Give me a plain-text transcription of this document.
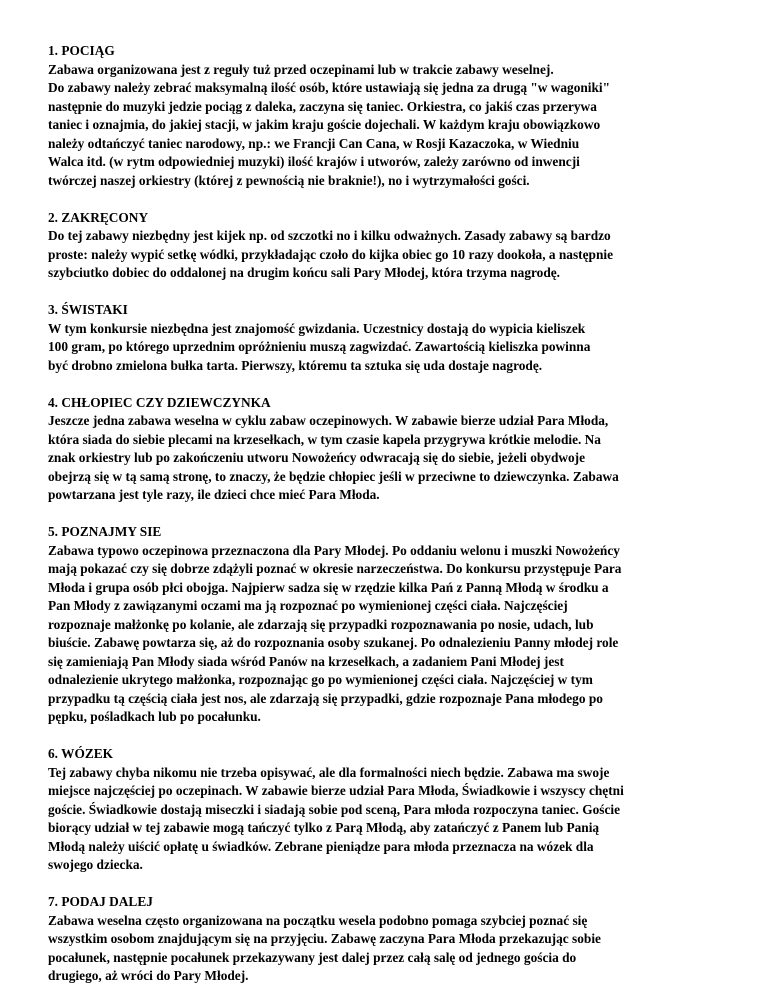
1. POCIĄG
Zabawa organizowana jest z reguły tuż przed oczepinami lub w trakcie zabawy weselnej.
Do zabawy należy zebrać maksymalną ilość osób, które ustawiają się jedna za drugą "w wagoniki"
następnie do muzyki jedzie pociąg z daleka, zaczyna się taniec. Orkiestra, co jakiś czas przerywa
taniec i oznajmia, do jakiej stacji, w jakim kraju goście dojechali. W każdym kraju obowiązkowo
należy odtańczyć taniec narodowy, np.: we Francji Can Cana, w Rosji Kazaczoka, w Wiedniu
Walca itd. (w rytm odpowiedniej muzyki) ilość krajów i utworów, zależy zarówno od inwencji
twórczej naszej orkiestry (której z pewnością nie braknie!), no i wytrzymałości gości.
2. ZAKRĘCONY
Do tej zabawy niezbędny jest kijek np. od szczotki no i kilku odważnych. Zasady zabawy są bardzo
proste: należy wypić setkę wódki, przykładając czoło do kijka obiec go 10 razy dookoła, a następnie
szybciutko dobiec do oddalonej na drugim końcu sali Pary Młodej, która trzyma nagrodę.
3. ŚWISTAKI
W tym konkursie niezbędna jest znajomość gwizdania. Uczestnicy dostają do wypicia kieliszek
100 gram, po którego uprzednim opróżnieniu muszą zagwizdać. Zawartością kieliszka powinna
być drobno zmielona bułka tarta. Pierwszy, któremu ta sztuka się uda dostaje nagrodę.
4. CHŁOPIEC CZY DZIEWCZYNKA
Jeszcze jedna zabawa weselna w cyklu zabaw oczepinowych. W zabawie bierze udział Para Młoda,
która siada do siebie plecami na krzesełkach, w tym czasie kapela przygrywa krótkie melodie. Na
znak orkiestry lub po zakończeniu utworu Nowożeńcy odwracają się do siebie, jeżeli obydwoje
obejrzą się w tą samą stronę, to znaczy, że będzie chłopiec jeśli w przeciwne to dziewczynka. Zabawa
powtarzana jest tyle razy, ile dzieci chce mieć Para Młoda.
5. POZNAJMY SIE
Zabawa typowo oczepinowa przeznaczona dla Pary Młodej. Po oddaniu welonu i muszki Nowożeńcy
mają pokazać czy się dobrze zdążyli poznać w okresie narzeczeństwa. Do konkursu przystępuje Para
Młoda i grupa osób płci obojga. Najpierw sadza się w rzędzie kilka Pań z Panną Młodą w środku a
Pan Młody z zawiązanymi oczami ma ją rozpoznać po wymienionej części ciała. Najczęściej
rozpoznaje małżonkę po kolanie, ale zdarzają się przypadki rozpoznawania po nosie, udach, lub
biuście. Zabawę powtarza się, aż do rozpoznania osoby szukanej. Po odnalezieniu Panny młodej role
się zamieniają Pan Młody siada wśród Panów na krzesełkach, a zadaniem Pani Młodej jest
odnalezienie ukrytego małżonka, rozpoznając go po wymienionej części ciała. Najczęściej w tym
przypadku tą częścią ciała jest nos, ale zdarzają się przypadki, gdzie rozpoznaje Pana młodego po
pępku, pośladkach lub po pocałunku.
6. WÓZEK
Tej zabawy chyba nikomu nie trzeba opisywać, ale dla formalności niech będzie. Zabawa ma swoje
miejsce najczęściej po oczepinach. W zabawie bierze udział Para Młoda, Świadkowie i wszyscy chętni
goście. Świadkowie dostają miseczki i siadają sobie pod sceną, Para młoda rozpoczyna taniec. Goście
biorący udział w tej zabawie mogą tańczyć tylko z Parą Młodą, aby zatańczyć z Panem lub Panią
Młodą należy uiścić opłatę u świadków. Zebrane pieniądze para młoda przeznacza na wózek dla
swojego dziecka.
7. PODAJ DALEJ
Zabawa weselna często organizowana na początku wesela podobno pomaga szybciej poznać się
wszystkim osobom znajdującym się na przyjęciu. Zabawę zaczyna Para Młoda przekazując sobie
pocałunek, następnie pocałunek przekazywany jest dalej przez całą salę od jednego gościa do
drugiego, aż wróci do Pary Młodej.
